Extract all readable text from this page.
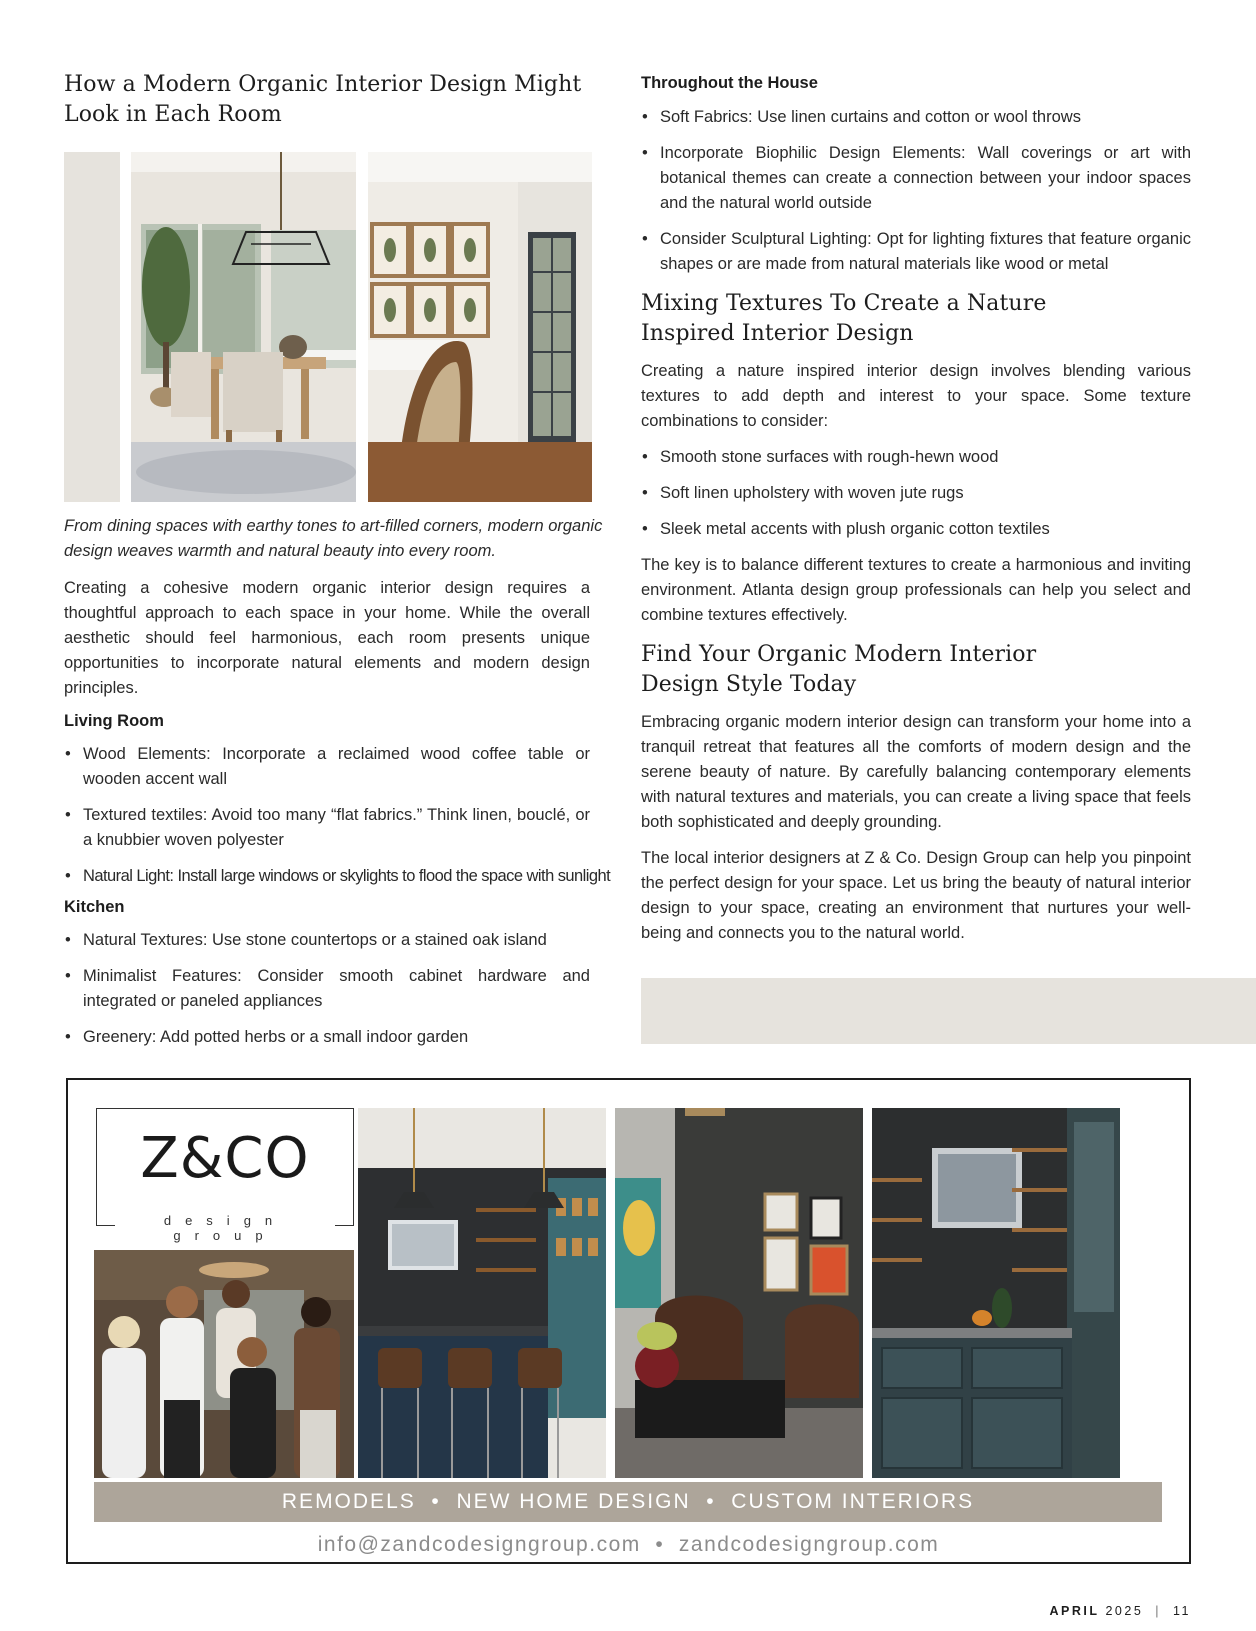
How a Modern Organic Interior Design Might Look in Each Room
From dining spaces with earthy tones to art-filled corners, modern organic design weaves warmth and natural beauty into every room.

Creating a cohesive modern organic interior design requires a thoughtful approach to each space in your home. While the overall aesthetic should feel harmonious, each room presents unique opportunities to incorporate natural elements and modern design principles.

Living Room
• Wood Elements: Incorporate a reclaimed wood coffee table or wooden accent wall
• Textured textiles: Avoid too many “flat fabrics.” Think linen, bouclé, or a knubbier woven polyester
• Natural Light: Install large windows or skylights to flood the space with sunlight
Kitchen
• Natural Textures: Use stone countertops or a stained oak island
• Minimalist Features: Consider smooth cabinet hardware and integrated or paneled appliances
• Greenery: Add potted herbs or a small indoor garden
Throughout the House
• Soft Fabrics: Use linen curtains and cotton or wool throws
• Incorporate Biophilic Design Elements: Wall coverings or art with botanical themes can create a connection between your indoor spaces and the natural world outside
• Consider Sculptural Lighting: Opt for lighting fixtures that feature organic shapes or are made from natural materials like wood or metal
Mixing Textures To Create a Nature Inspired Interior Design

Creating a nature inspired interior design involves blending various textures to add depth and interest to your space. Some texture combinations to consider:

• Smooth stone surfaces with rough-hewn wood
• Soft linen upholstery with woven jute rugs
• Sleek metal accents with plush organic cotton textiles

The key is to balance different textures to create a harmonious and inviting environment. Atlanta design group professionals can help you select and combine textures effectively.

Find Your Organic Modern Interior Design Style Today

Embracing organic modern interior design can transform your home into a tranquil retreat that features all the comforts of modern design and the serene beauty of nature. By carefully balancing contemporary elements with natural textures and materials, you can create a living space that feels both sophisticated and deeply grounding.

The local interior designers at Z & Co. Design Group can help you pinpoint the perfect design for your space. Let us bring the beauty of natural interior design to your space, creating an environment that nurtures your well-being and connects you to the natural world.

Z&CO
design group
REMODELS  •  NEW HOME DESIGN  •  CUSTOM INTERIORS
info@zandcodesigngroup.com  •  zandcodesigngroup.com
APRIL 2025 | 11
